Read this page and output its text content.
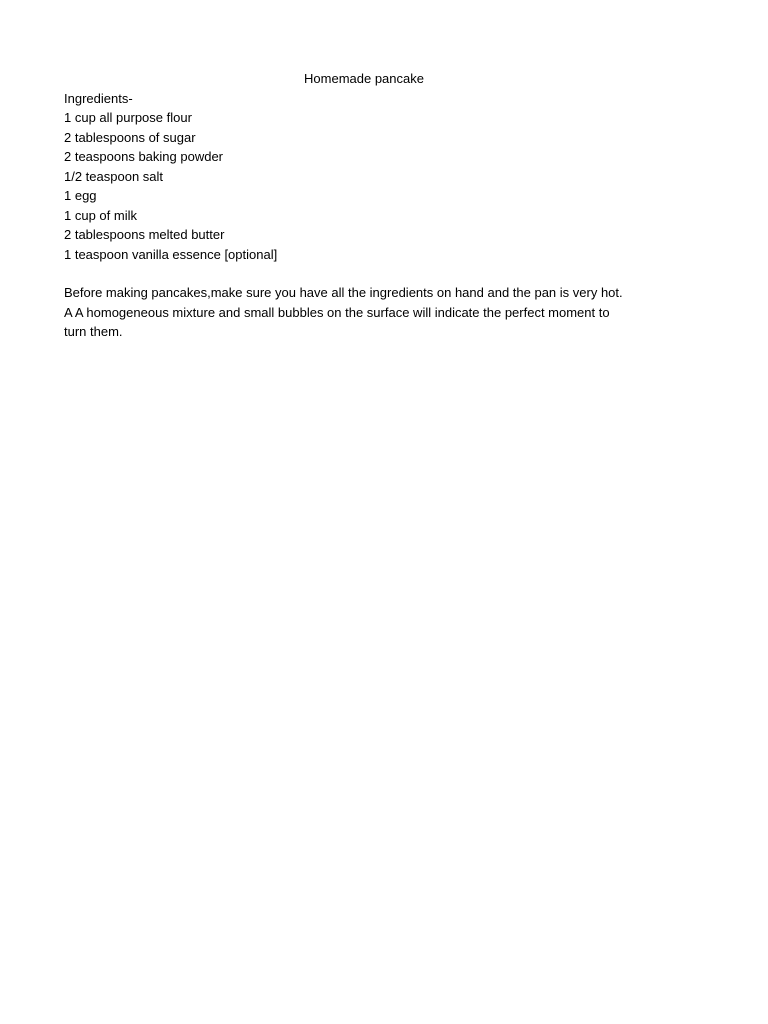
Homemade pancake

Ingredients-

1 cup all purpose flour
2 tablespoons of sugar
2 teaspoons baking powder
1/2 teaspoon salt
1 egg
1 cup of milk
2 tablespoons melted butter
1 teaspoon vanilla essence [optional]

Before making pancakes,make sure you have all the ingredients on hand and the pan is very hot. A A homogeneous mixture and small bubbles on the surface will indicate the perfect moment to turn them.
